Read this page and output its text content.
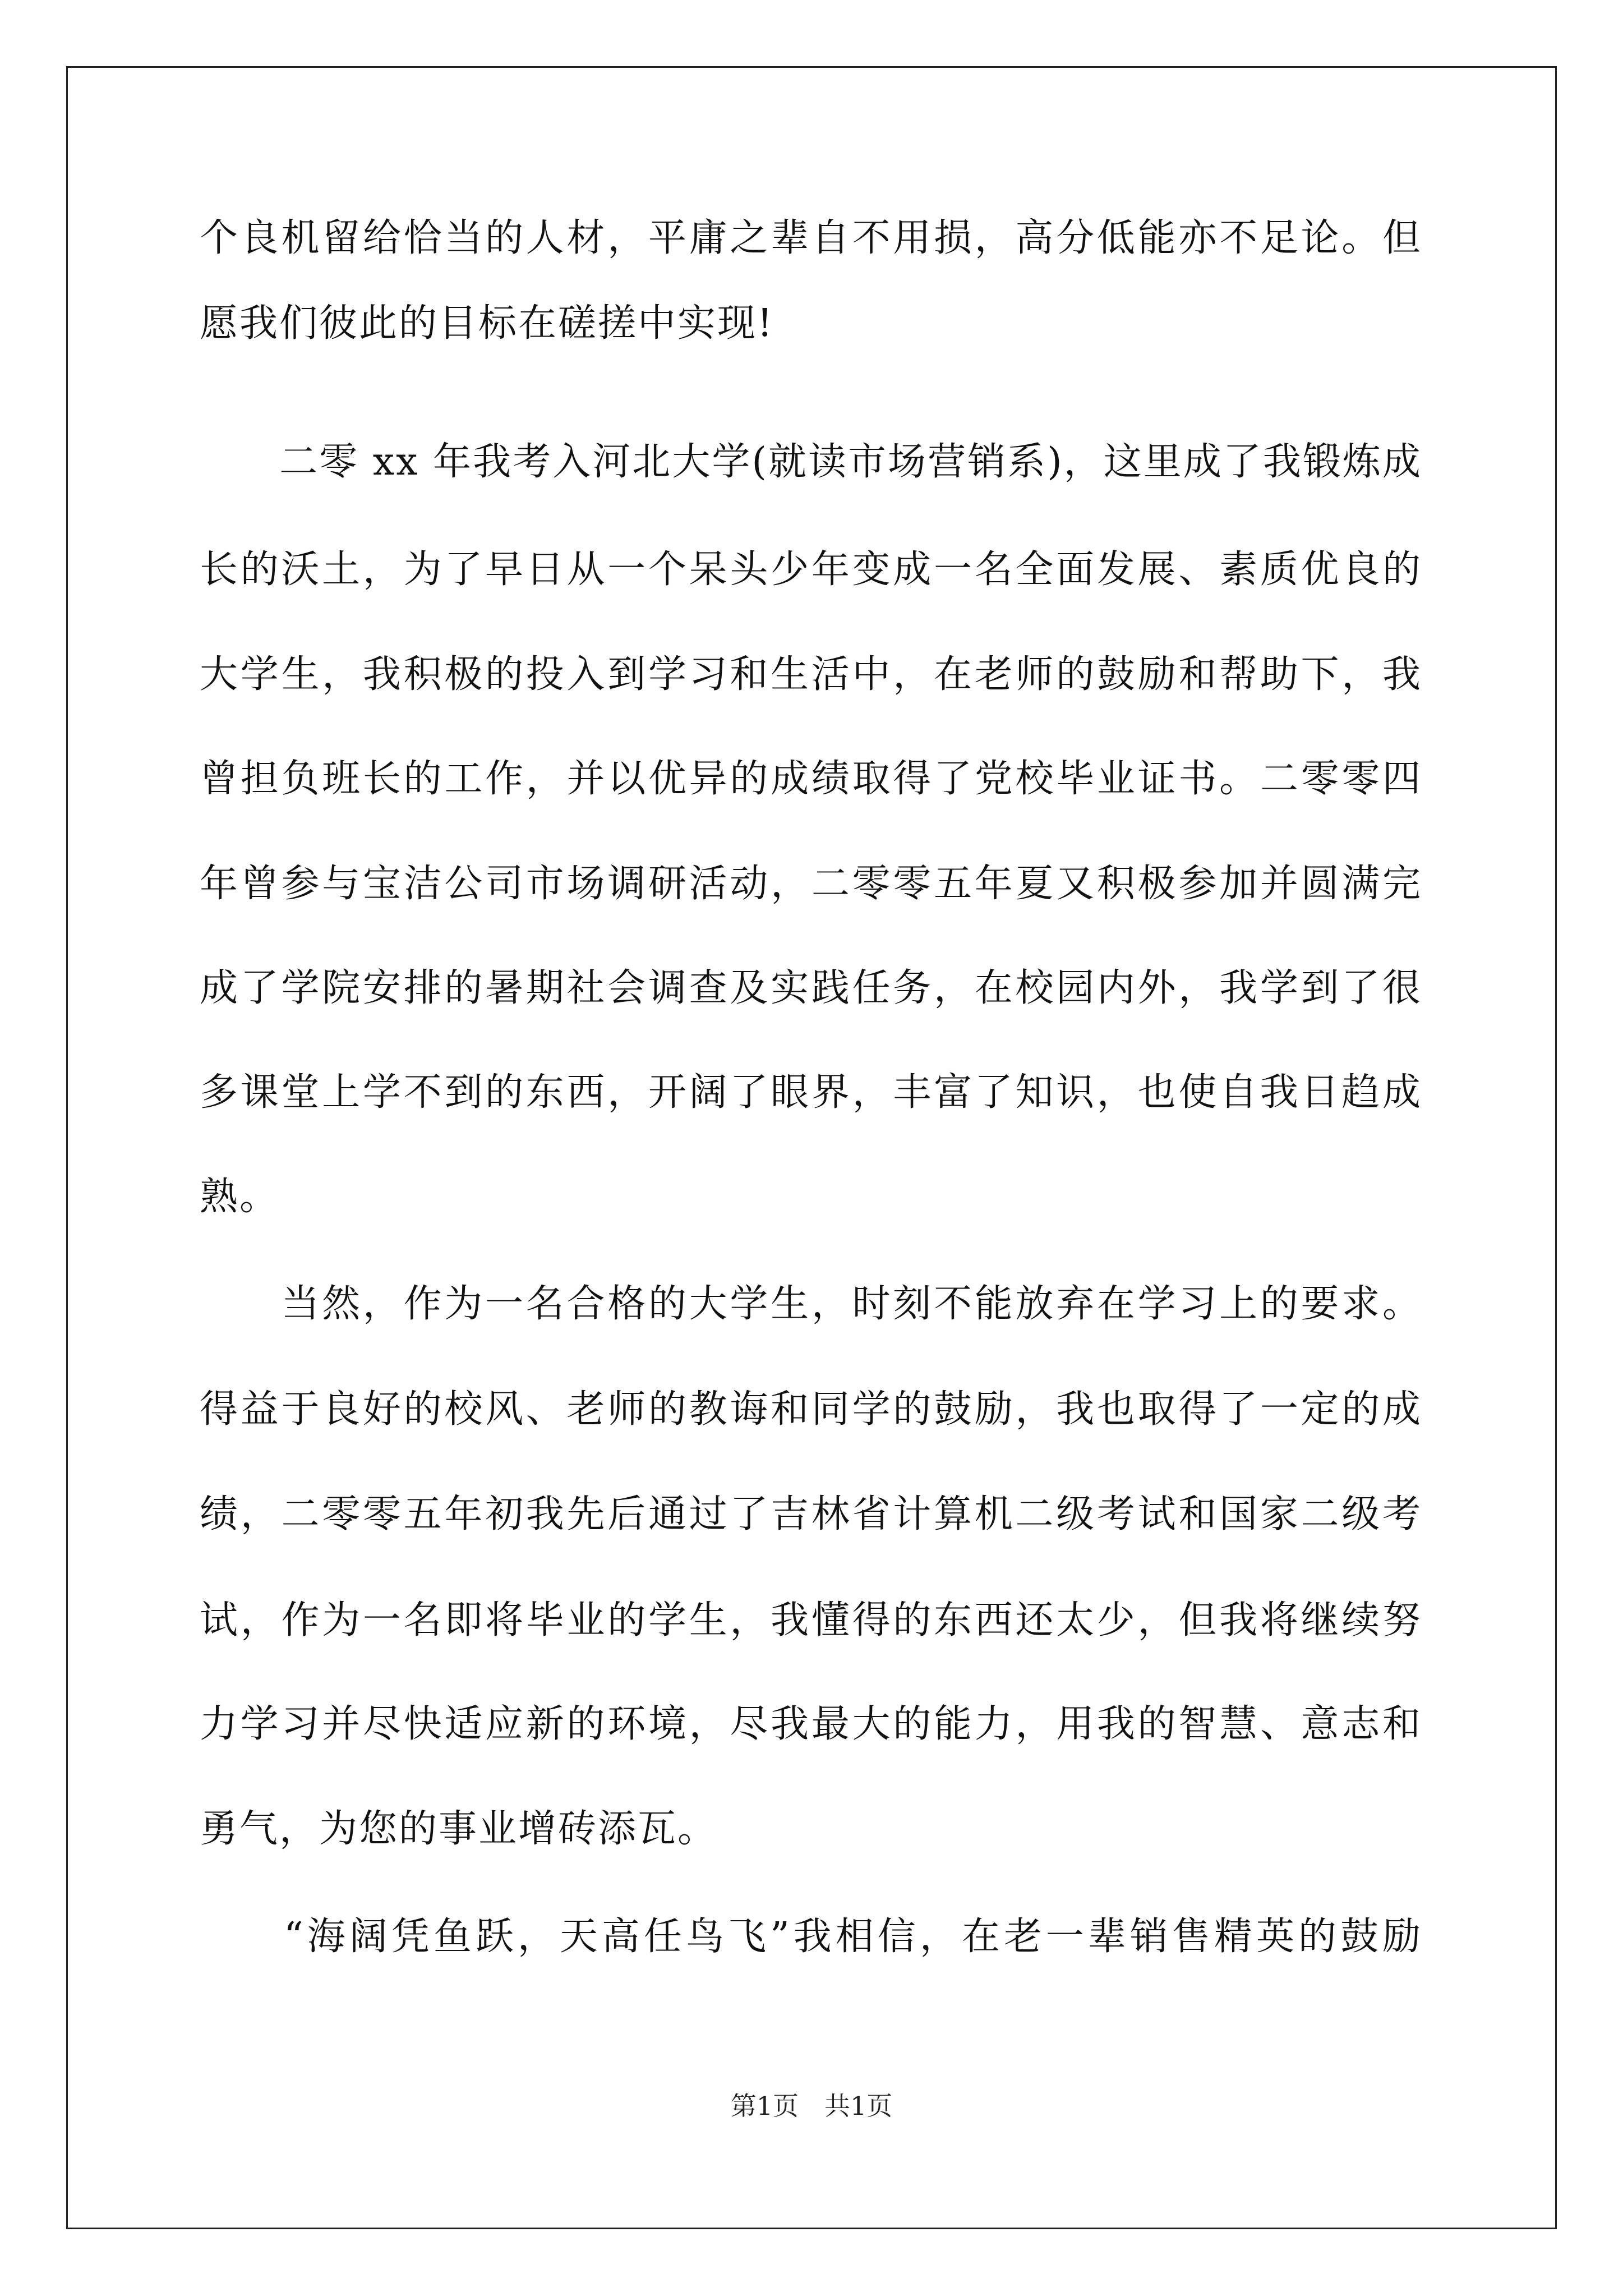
个良机留给恰当的人材，平庸之辈自不用损，高分低能亦不足论。但
愿我们彼此的目标在磋搓中实现!
　　二零 xx 年我考入河北大学(就读市场营销系)，这里成了我锻炼成
长的沃土，为了早日从一个呆头少年变成一名全面发展、素质优良的
大学生，我积极的投入到学习和生活中，在老师的鼓励和帮助下，我
曾担负班长的工作，并以优异的成绩取得了党校毕业证书。二零零四
年曾参与宝洁公司市场调研活动，二零零五年夏又积极参加并圆满完
成了学院安排的暑期社会调查及实践任务，在校园内外，我学到了很
多课堂上学不到的东西，开阔了眼界，丰富了知识，也使自我日趋成
熟。
　　当然，作为一名合格的大学生，时刻不能放弃在学习上的要求。
得益于良好的校风、老师的教诲和同学的鼓励，我也取得了一定的成
绩，二零零五年初我先后通过了吉林省计算机二级考试和国家二级考
试，作为一名即将毕业的学生，我懂得的东西还太少，但我将继续努
力学习并尽快适应新的环境，尽我最大的能力，用我的智慧、意志和
勇气，为您的事业增砖添瓦。
　　“海阔凭鱼跃，天高任鸟飞”我相信，在老一辈销售精英的鼓励
第1页　共1页
